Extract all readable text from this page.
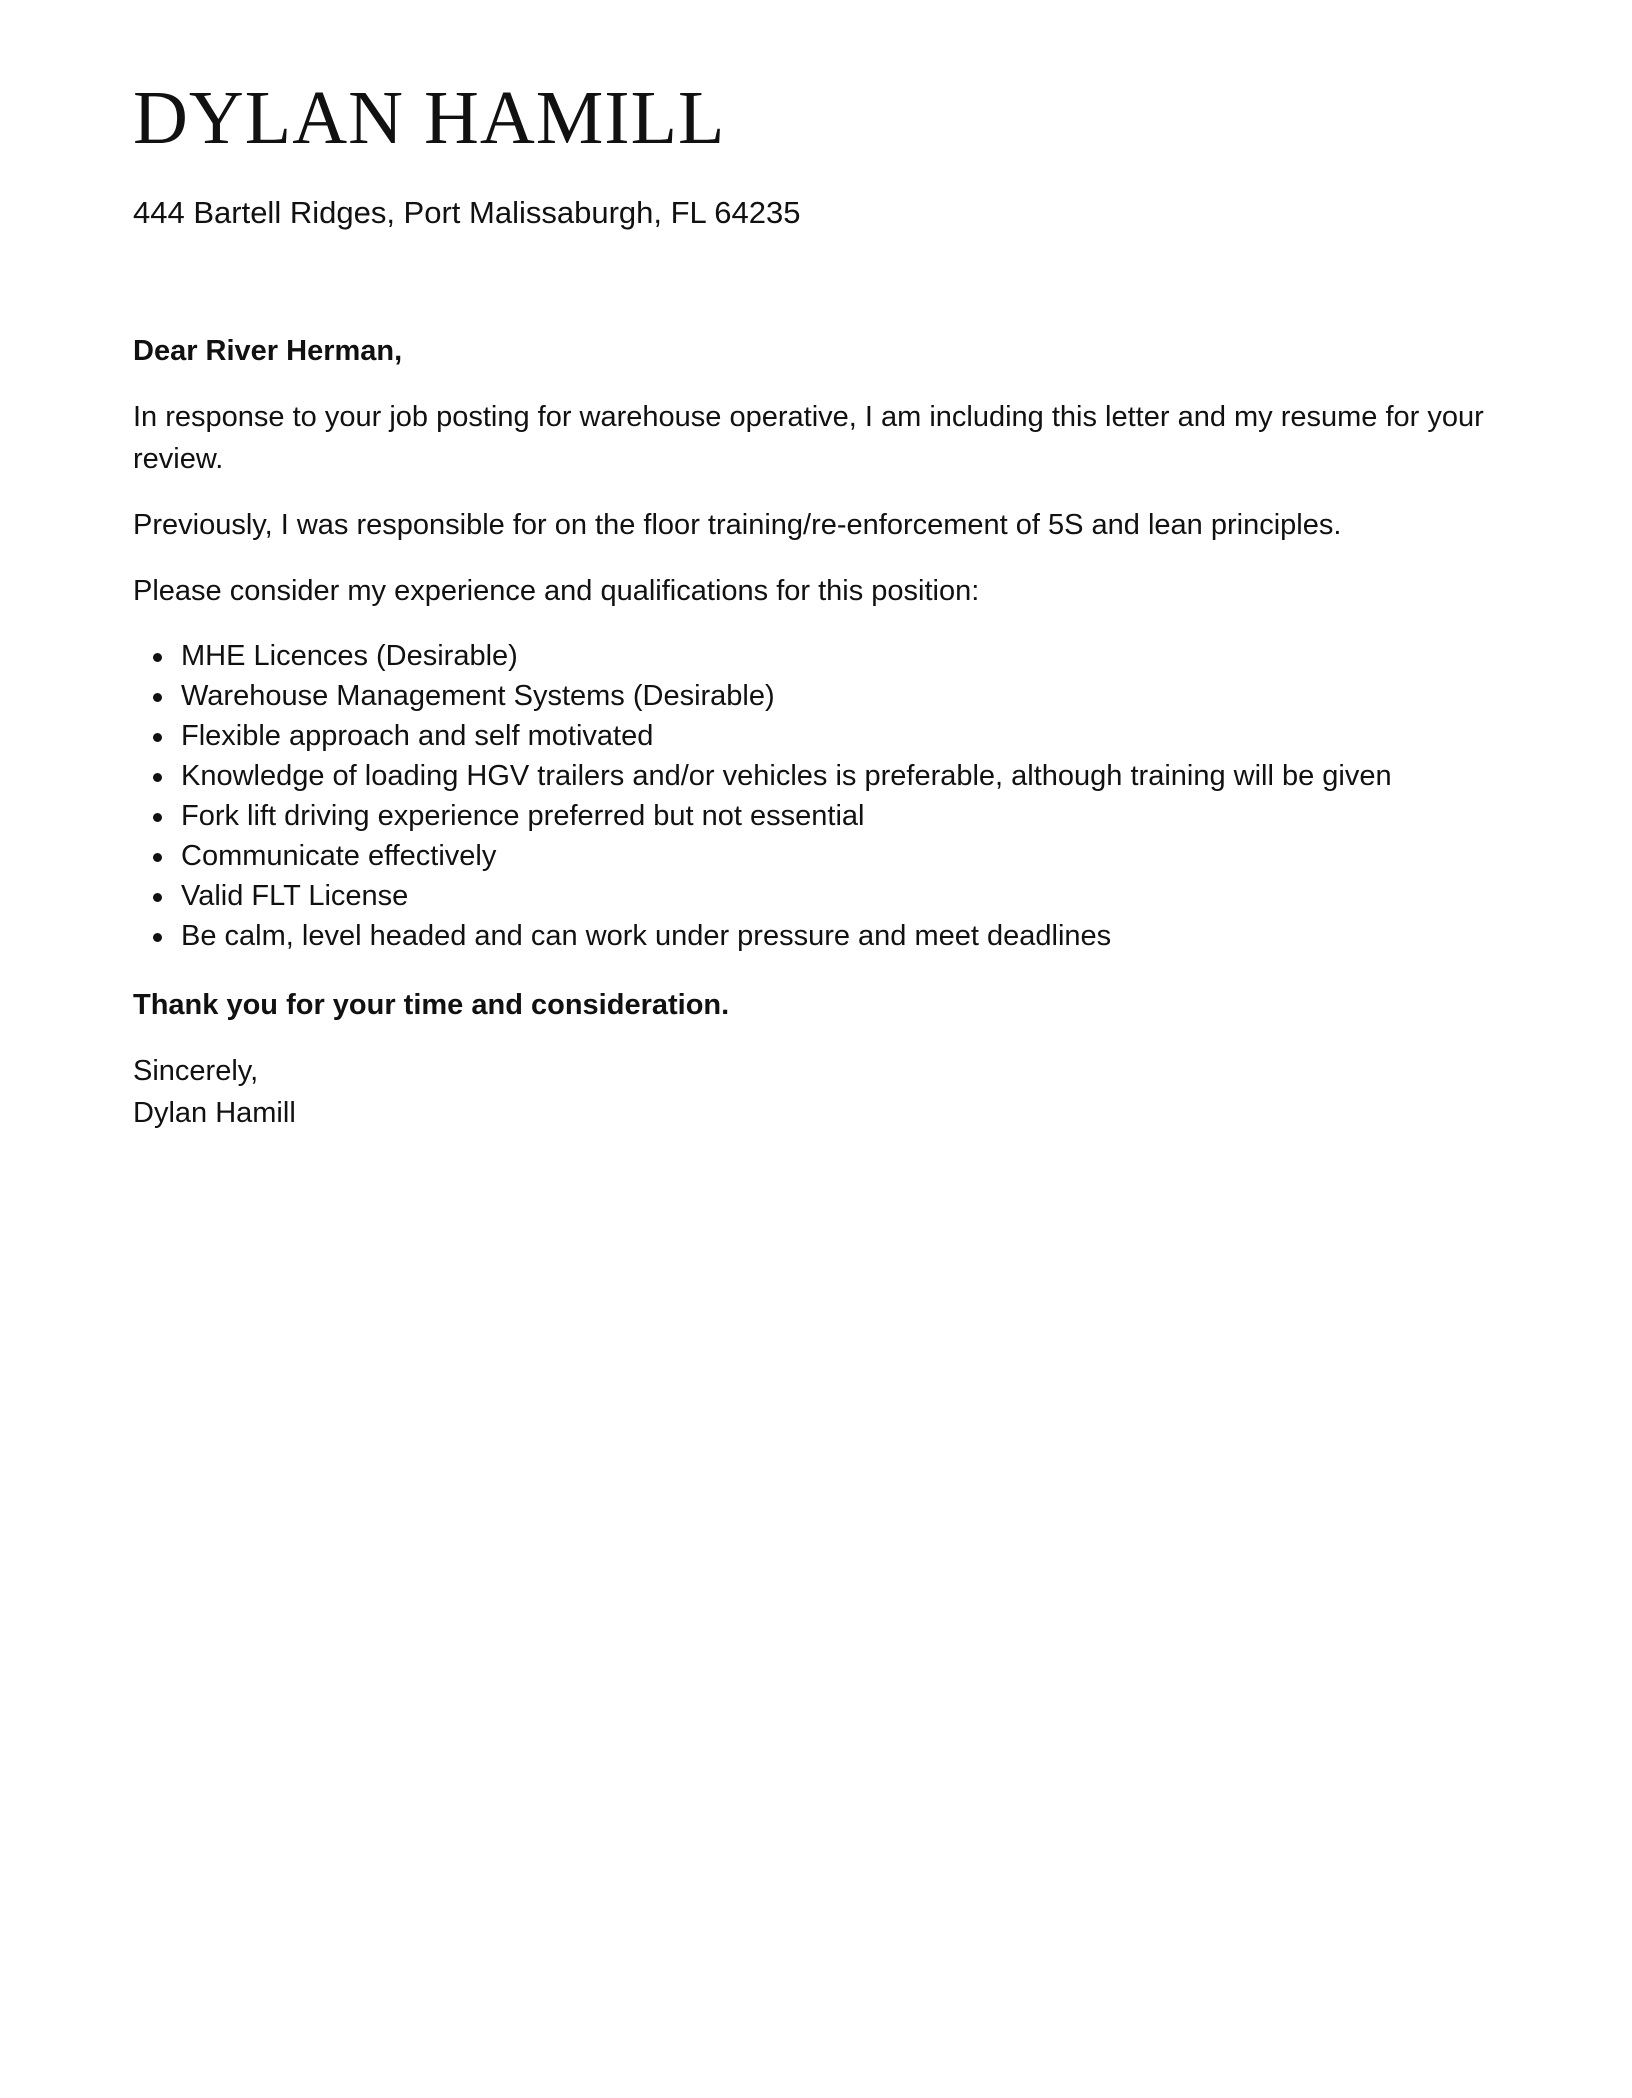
DYLAN HAMILL

444 Bartell Ridges, Port Malissaburgh, FL 64235

Dear River Herman,

In response to your job posting for warehouse operative, I am including this letter and my resume for your review.

Previously, I was responsible for on the floor training/re-enforcement of 5S and lean principles.

Please consider my experience and qualifications for this position:

MHE Licences (Desirable)
Warehouse Management Systems (Desirable)
Flexible approach and self motivated
Knowledge of loading HGV trailers and/or vehicles is preferable, although training will be given
Fork lift driving experience preferred but not essential
Communicate effectively
Valid FLT License
Be calm, level headed and can work under pressure and meet deadlines

Thank you for your time and consideration.

Sincerely,
Dylan Hamill
